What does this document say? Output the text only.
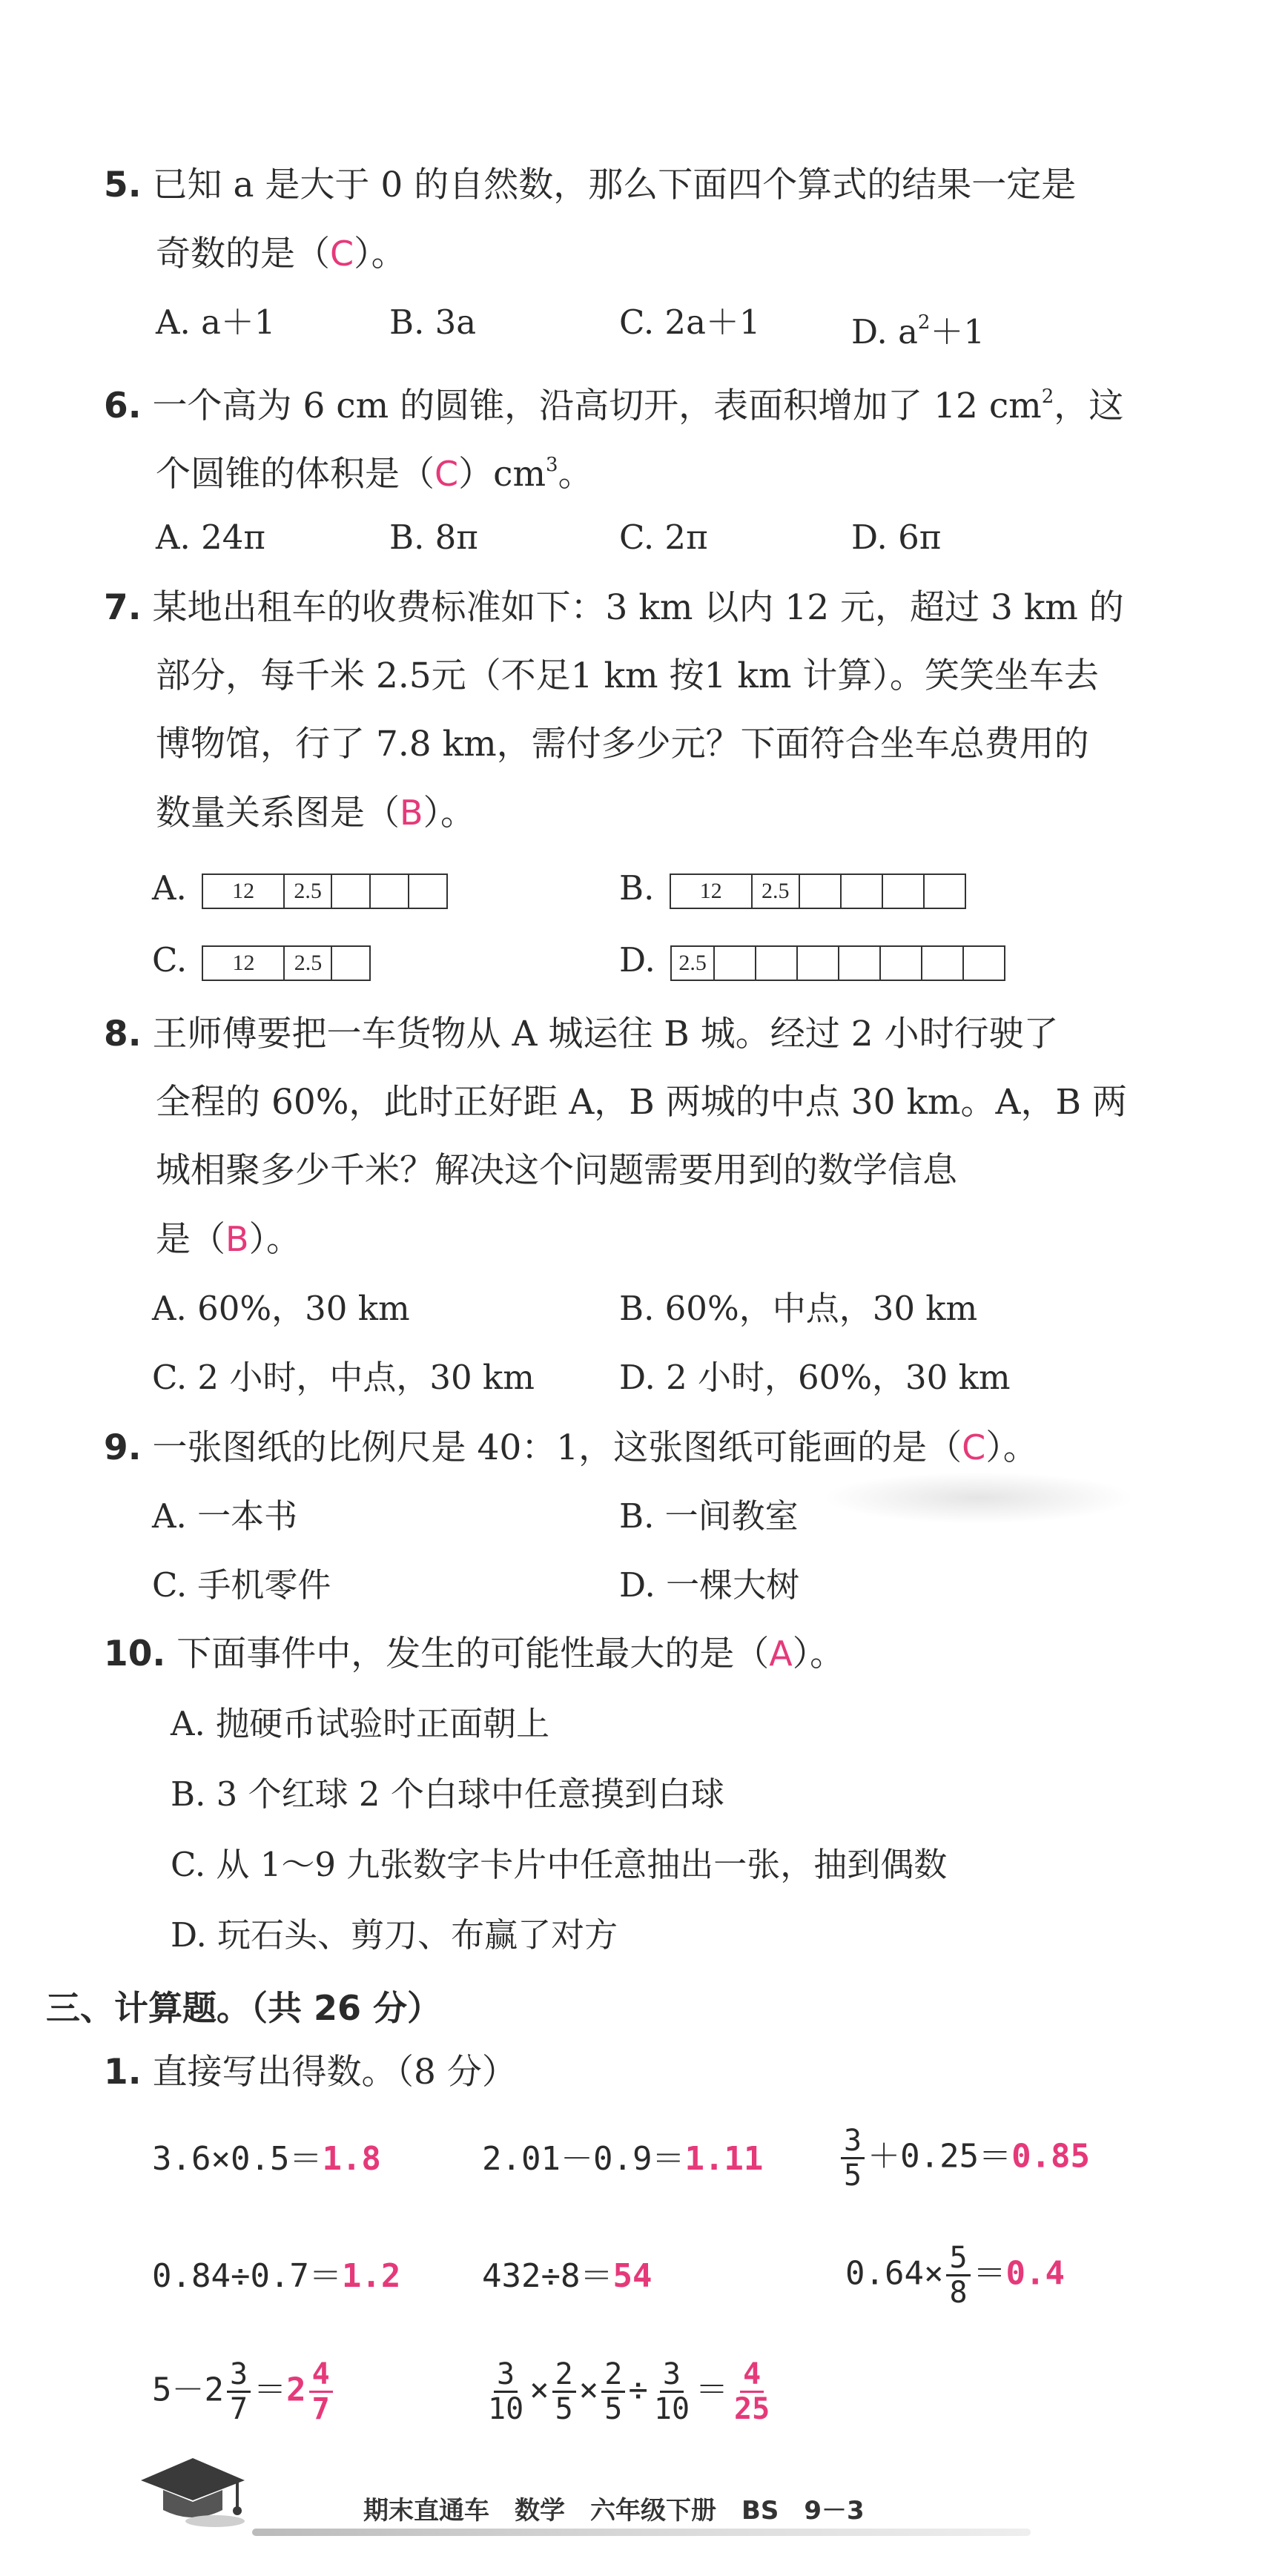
5. 已知 a 是大于 0 的自然数，那么下面四个算式的结果一定是
奇数的是（C）。
A. a＋1	B. 3a	C. 2a＋1	D. $a^2+1$
6. 一个高为 6 cm 的圆锥，沿高切开，表面积增加了 12 $cm^2$，这
个圆锥的体积是$(C)cm^3$。
A. 24π	B. 8π	C. 2π	D. 6π
7. 某地出租车的收费标准如下：3 km 以内 12 元，超过 3 km 的
部分，每千米 2.5元（不足1 km 按1 km 计算）。笑笑坐车去
博物馆，行了 7.8 km，需付多少元？下面符合坐车总费用的
数量关系图是（B）。
A.	12	2.5	B.	12	2.5
C.	12	2.5	D.	2.5
8. 王师傅要把一车货物从 A 城运往 B 城。经过 2 小时行驶了
全程的 60%，此时正好距 A，B 两城的中点 30 km。A，B 两
城相聚多少千米？解决这个问题需要用到的数学信息
是（B）。
A. 60%，30 km	B. 60%，中点，30 km
C. 2 小时，中点，30 km	D. 2 小时，60%，30 km
9. 一张图纸的比例尺是 40：1，这张图纸可能画的是（C）。
A. 一本书	B. 一间教室
C. 手机零件	D. 一棵大树
10. 下面事件中，发生的可能性最大的是（A）。
A. 抛硬币试验时正面朝上
B. 3 个红球 2 个白球中任意摸到白球
C. 从 1～9 九张数字卡片中任意抽出一张，抽到偶数
D. 玩石头、剪刀、布赢了对方
三、计算题。（共 26 分）
1. 直接写出得数。（8 分）
3.6×0.5＝1.8	2.01－0.9＝1.11	$\frac{3}{5} +0.25=0.85$
0.84÷0.7＝1.2 432÷8＝54	$0.64\times \frac{5}{8} =0.4$
$5-2 \frac{3}{7} =2 \frac{4}{7}$	$\frac{3}{10} \times \frac{2}{5} \times \frac{2}{5} \div \frac{3}{10} = \frac{4}{25}$
期末直通车　数学　六年级下册　BS　9－3
